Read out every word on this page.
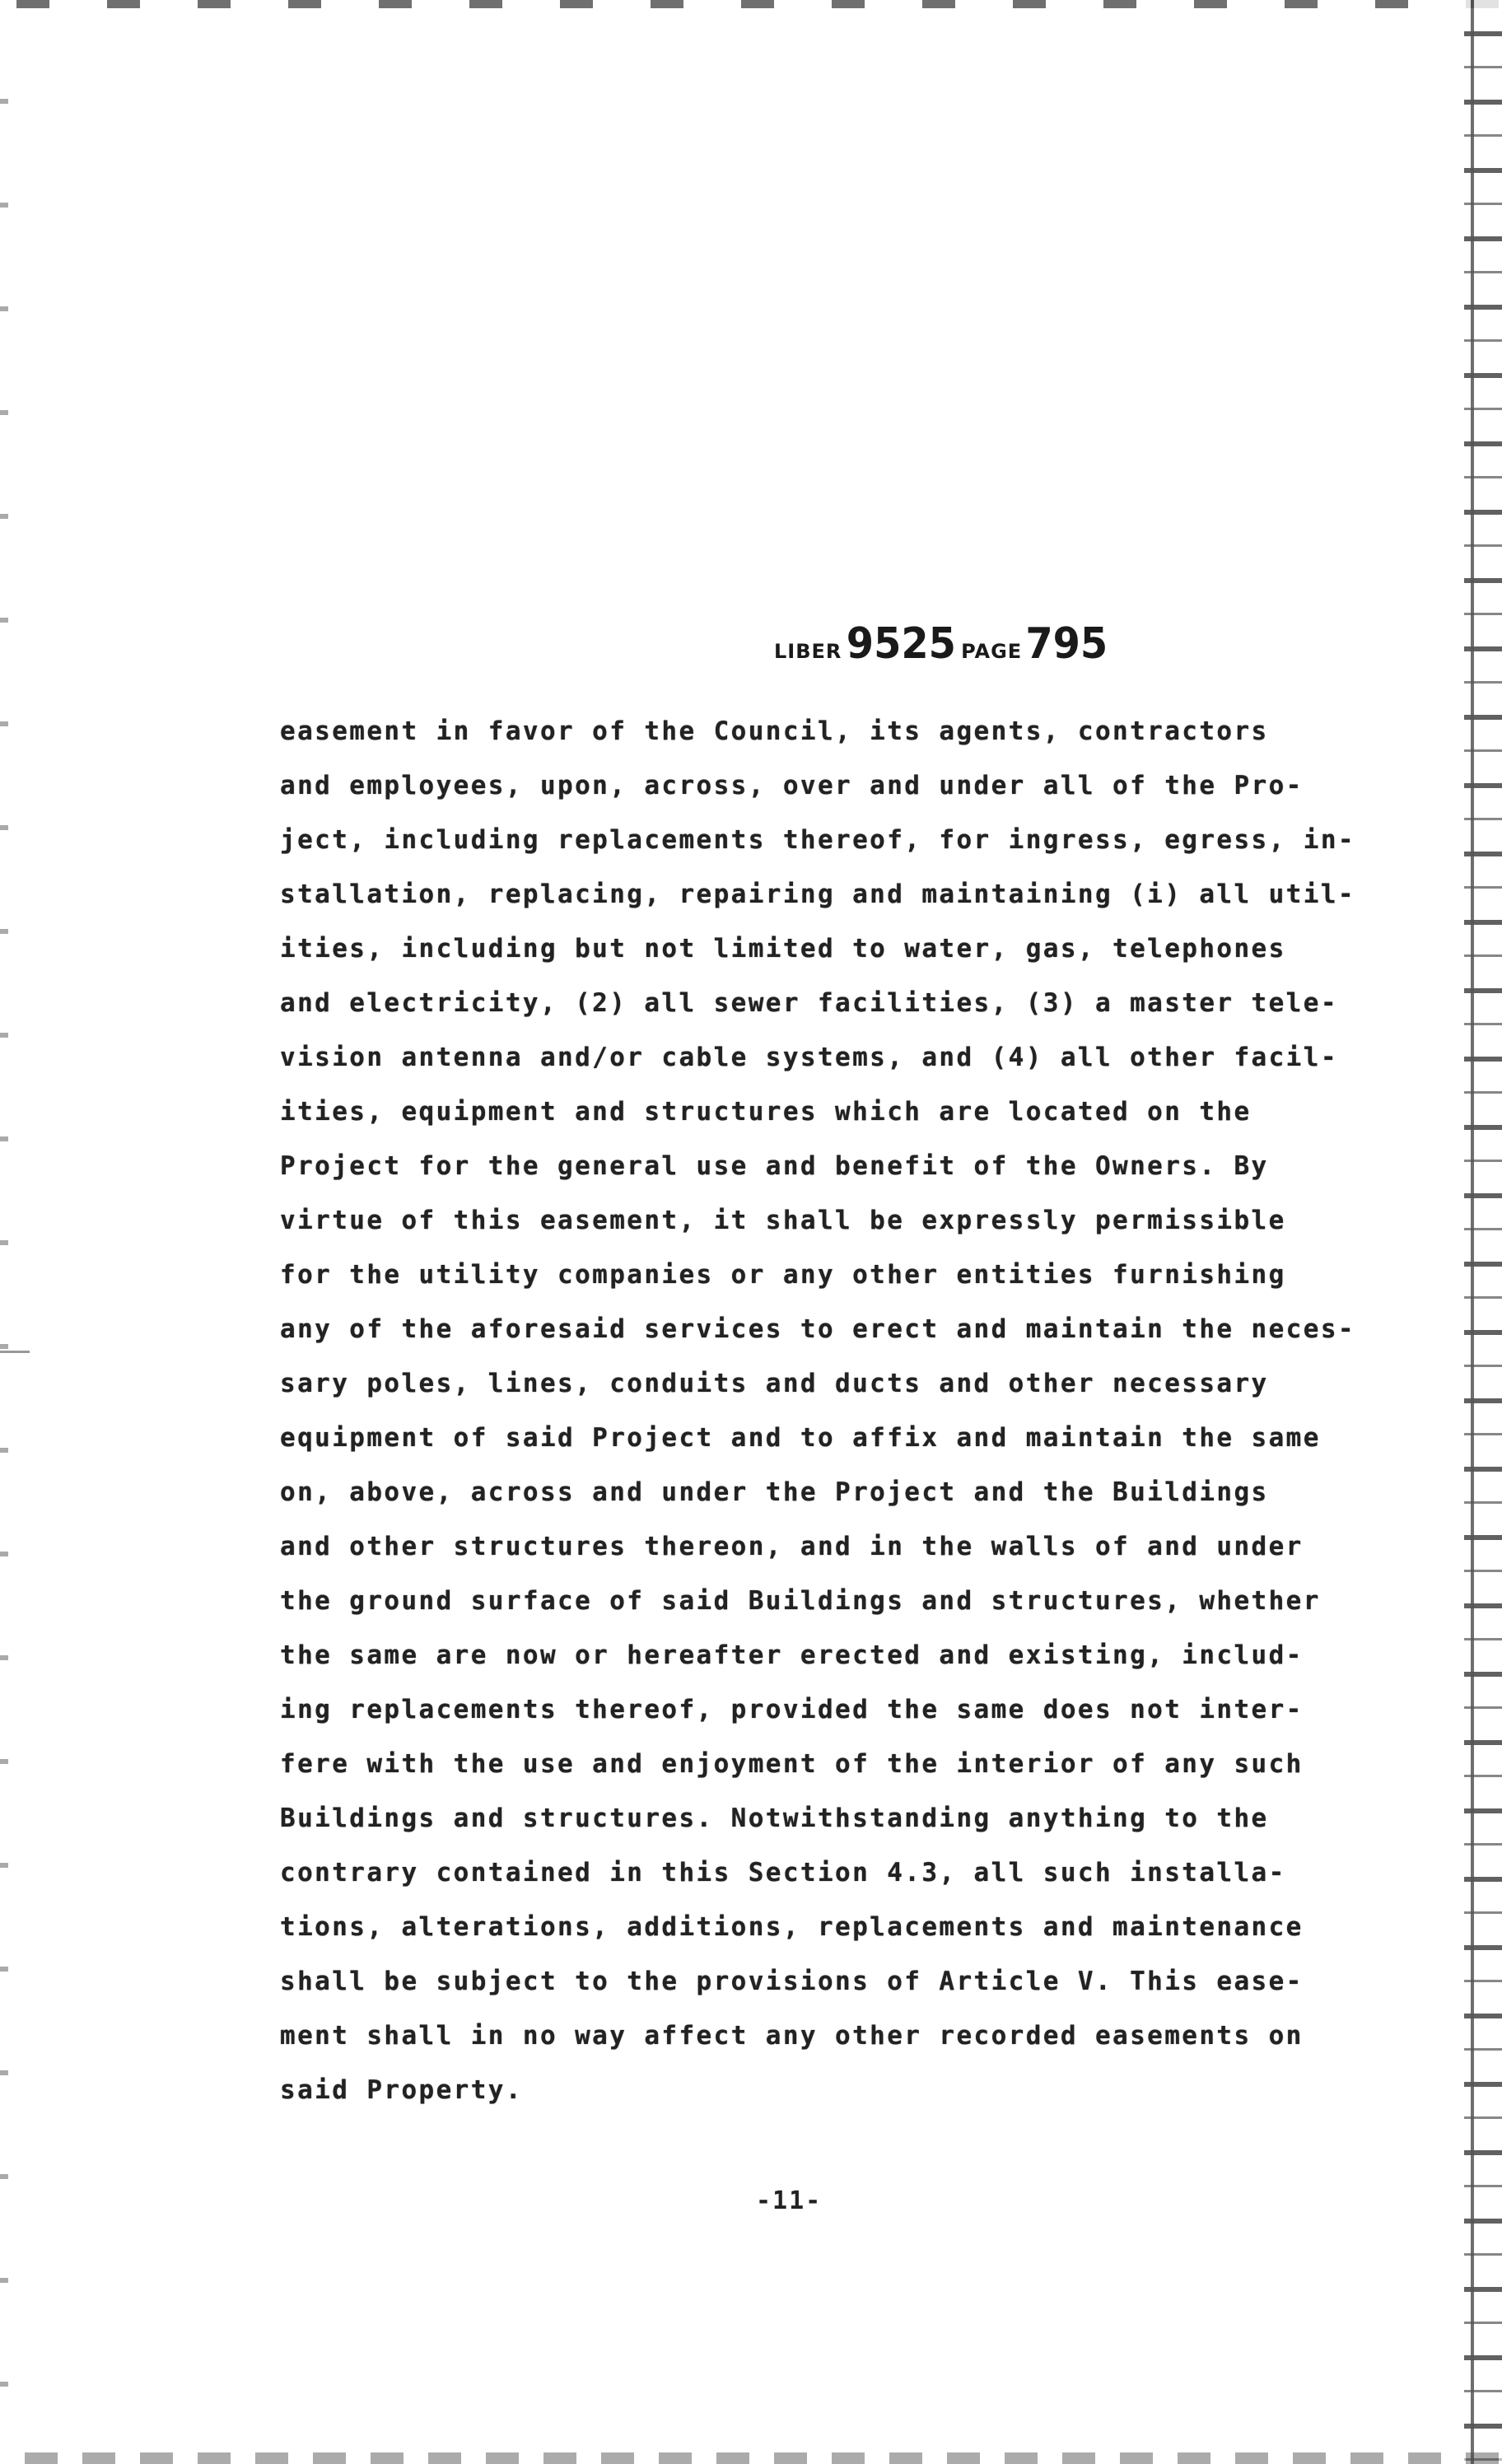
LIBER 9525 PAGE 795
easement in favor of the Council, its agents, contractors
and employees, upon, across, over and under all of the Pro-
ject, including replacements thereof, for ingress, egress, in-
stallation, replacing, repairing and maintaining (i) all util-
ities, including but not limited to water, gas, telephones
and electricity, (2) all sewer facilities, (3) a master tele-
vision antenna and/or cable systems, and (4) all other facil-
ities, equipment and structures which are located on the
Project for the general use and benefit of the Owners. By
virtue of this easement, it shall be expressly permissible
for the utility companies or any other entities furnishing
any of the aforesaid services to erect and maintain the neces-
sary poles, lines, conduits and ducts and other necessary
equipment of said Project and to affix and maintain the same
on, above, across and under the Project and the Buildings
and other structures thereon, and in the walls of and under
the ground surface of said Buildings and structures, whether
the same are now or hereafter erected and existing, includ-
ing replacements thereof, provided the same does not inter-
fere with the use and enjoyment of the interior of any such
Buildings and structures. Notwithstanding anything to the
contrary contained in this Section 4.3, all such installa-
tions, alterations, additions, replacements and maintenance
shall be subject to the provisions of Article V. This ease-
ment shall in no way affect any other recorded easements on
said Property.
-11-
